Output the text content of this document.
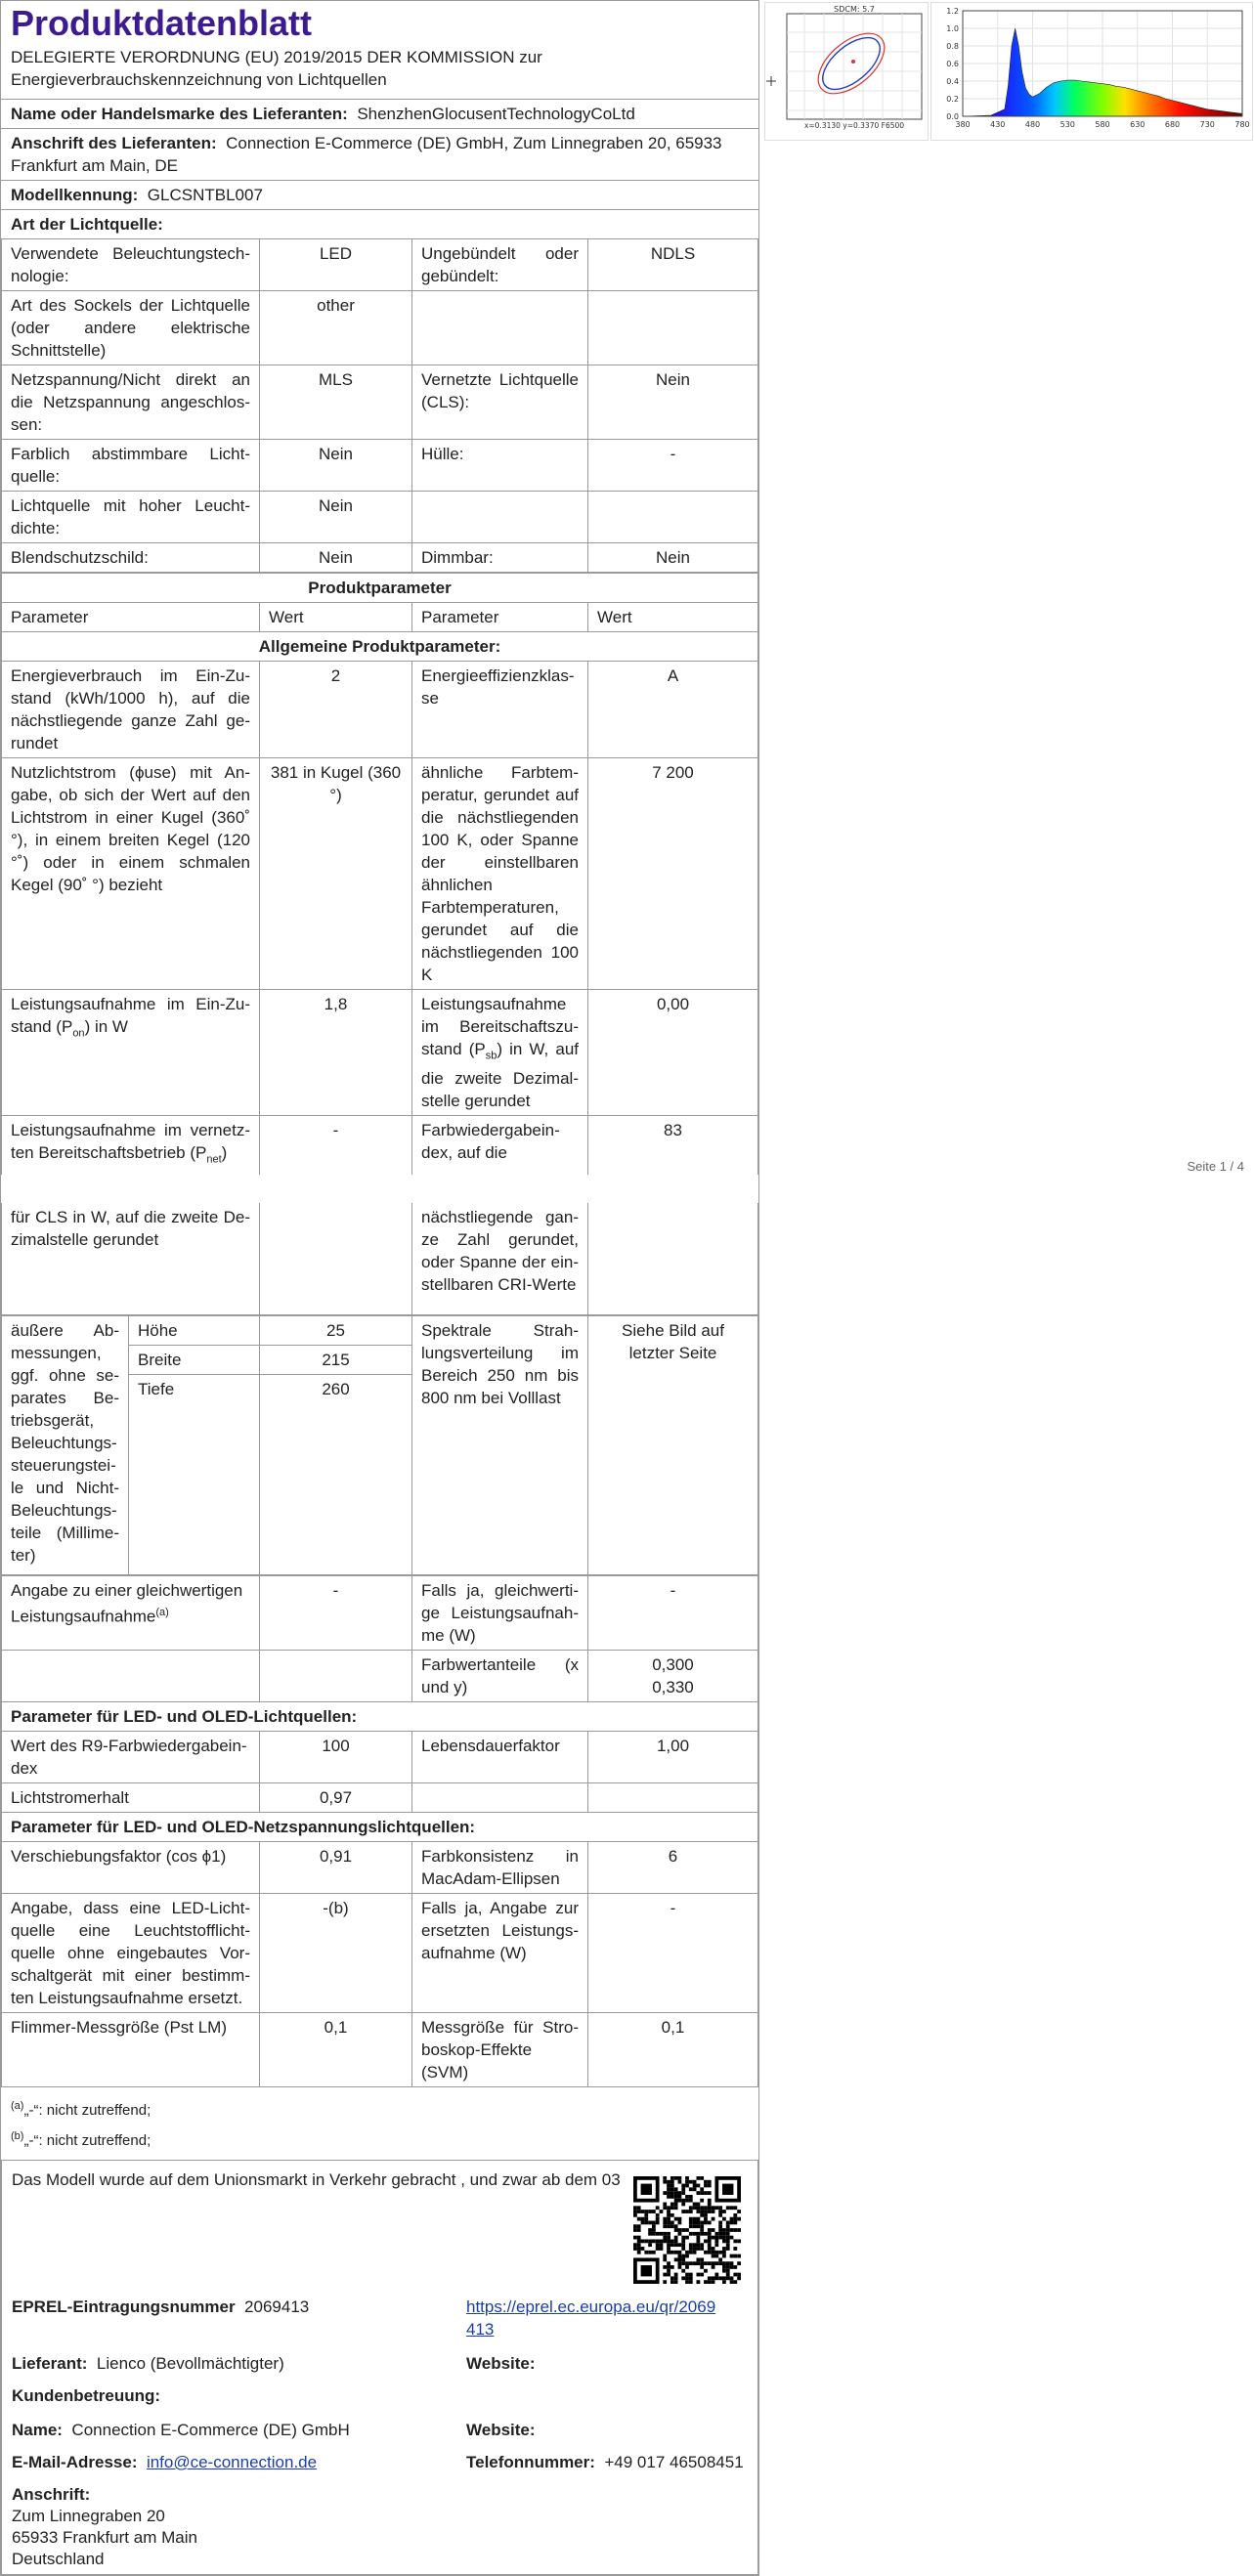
Produktdatenblatt
DELEGIERTE VERORDNUNG (EU) 2019/2015 DER KOMMISSION zur Energieverbrauchskennzeichnung von Lichtquellen
Name oder Handelsmarke des Lieferanten: ShenzhenGlocusentTechnologyCoLtd
Anschrift des Lieferanten: Connection E-Commerce (DE) GmbH, Zum Linnegraben 20, 65933 Frankfurt am Main, DE
Modellkennung: GLCSNTBL007
Art der Lichtquelle:
Verwendete Beleuchtungstechnologie:	LED	Ungebündelt oder gebündelt:	NDLS
Art des Sockels der Lichtquelle (oder andere elektrische Schnittstelle)	other		
Netzspannung/Nicht direkt an die Netzspannung angeschlossen:	MLS	Vernetzte Lichtquelle (CLS):	Nein
Farblich abstimmbare Lichtquelle:	Nein	Hülle:	-
Lichtquelle mit hoher Leuchtdichte:	Nein		
Blendschutzschild:	Nein	Dimmbar:	Nein
Produktparameter			
Parameter	Wert	Parameter	Wert
Allgemeine Produktparameter:			
Energieverbrauch im Ein-Zustand (kWh/1000 h), auf die nächstliegende ganze Zahl gerundet	2	Energieeffizienzklasse	A
Nutzlichtstrom (ϕuse) mit Angabe, ob sich der Wert auf den Lichtstrom in einer Kugel (360˚ °), in einem breiten Kegel (120 °˚) oder in einem schmalen Kegel (90˚ °) bezieht	381 in Kugel (360 °)	ähnliche Farbtemperatur, gerundet auf die nächstliegenden 100 K, oder Spanne der einstellbaren ähnlichen Farbtemperaturen, gerundet auf die nächstliegenden 100 K	7 200
Leistungsaufnahme im Ein-Zustand $(P_{on})$ in W	1,8	Leistungsaufnahme im Bereitschaftszustand $(P_{sb})$ in W, auf die zweite Dezimalstelle gerundet	0,00
Leistungsaufnahme im vernetzten Bereitschaftsbetrieb $(P_{net})$	-	Farbwiedergabeindex, auf die	83
für CLS in W, auf die zweite Dezimalstelle gerundet		nächstliegende ganze Zahl gerundet, oder Spanne der einstellbaren CRI-Werte	
äußere Abmessungen, ggf. ohne separates Betriebsgerät, Beleuchtungssteuerungsteile und Nicht-Beleuchtungsteile (Millimeter)	Höhe	25	Spektrale Strahlungsverteilung im Bereich 250 nm bis 800 nm bei Volllast	Siehe Bild auf letzter Seite
	Breite	215		
	Tiefe	260		

Angabe zu einer gleichwertigen Leistungsaufnahme$^{(a)}$	-	Falls ja, gleichwertige Leistungsaufnahme (W)	-
		Farbwertanteile (x und y)	0,300
0,330

Parameter für LED- und OLED-Lichtquellen:			
Wert des R9-Farbwiedergabeindex	100	Lebensdauerfaktor	1,00
Lichtstromerhalt	0,97		
Parameter für LED- und OLED-Netzspannungslichtquellen:			
Verschiebungsfaktor (cos ϕ1)	0,91	Farbkonsistenz in MacAdam-Ellipsen	6
Angabe, dass eine LED-Lichtquelle eine Leuchtstofflichtquelle ohne eingebautes Vorschaltgerät mit einer bestimmten Leistungsaufnahme ersetzt.	-(b)	Falls ja, Angabe zur ersetzten Leistungsaufnahme (W)	-
Flimmer-Messgröße (Pst LM)	0,1	Messgröße für Stroboskop-Effekte (SVM)	0,1
$^{(a)}$„-“: nicht zutreffend;
$^{(b)}$„-“: nicht zutreffend;
Das Modell wurde auf dem Unionsmarkt in Verkehr gebracht , und zwar ab dem 03
EPREL-Eintragungsnummer 2069413	https://eprel.ec.europa.eu/qr/2069413
Lieferant: Lienco (Bevollmächtigter)	Website:
Kundenbetreuung:
Name: Connection E-Commerce (DE) GmbH	Website:
E-Mail-Adresse: info@ce-connection.de	Telefonnummer: +49 017 46508451
Anschrift:
Zum Linnegraben 20
65933 Frankfurt am Main
Deutschland
Seite 1 / 4
SDCM: 5.7
x=0.3130 y=0.3370 F6500
0.0
0.2
0.4
0.6
0.8
1.0
1.2
380	430	480	530	580	630	680	730	780
